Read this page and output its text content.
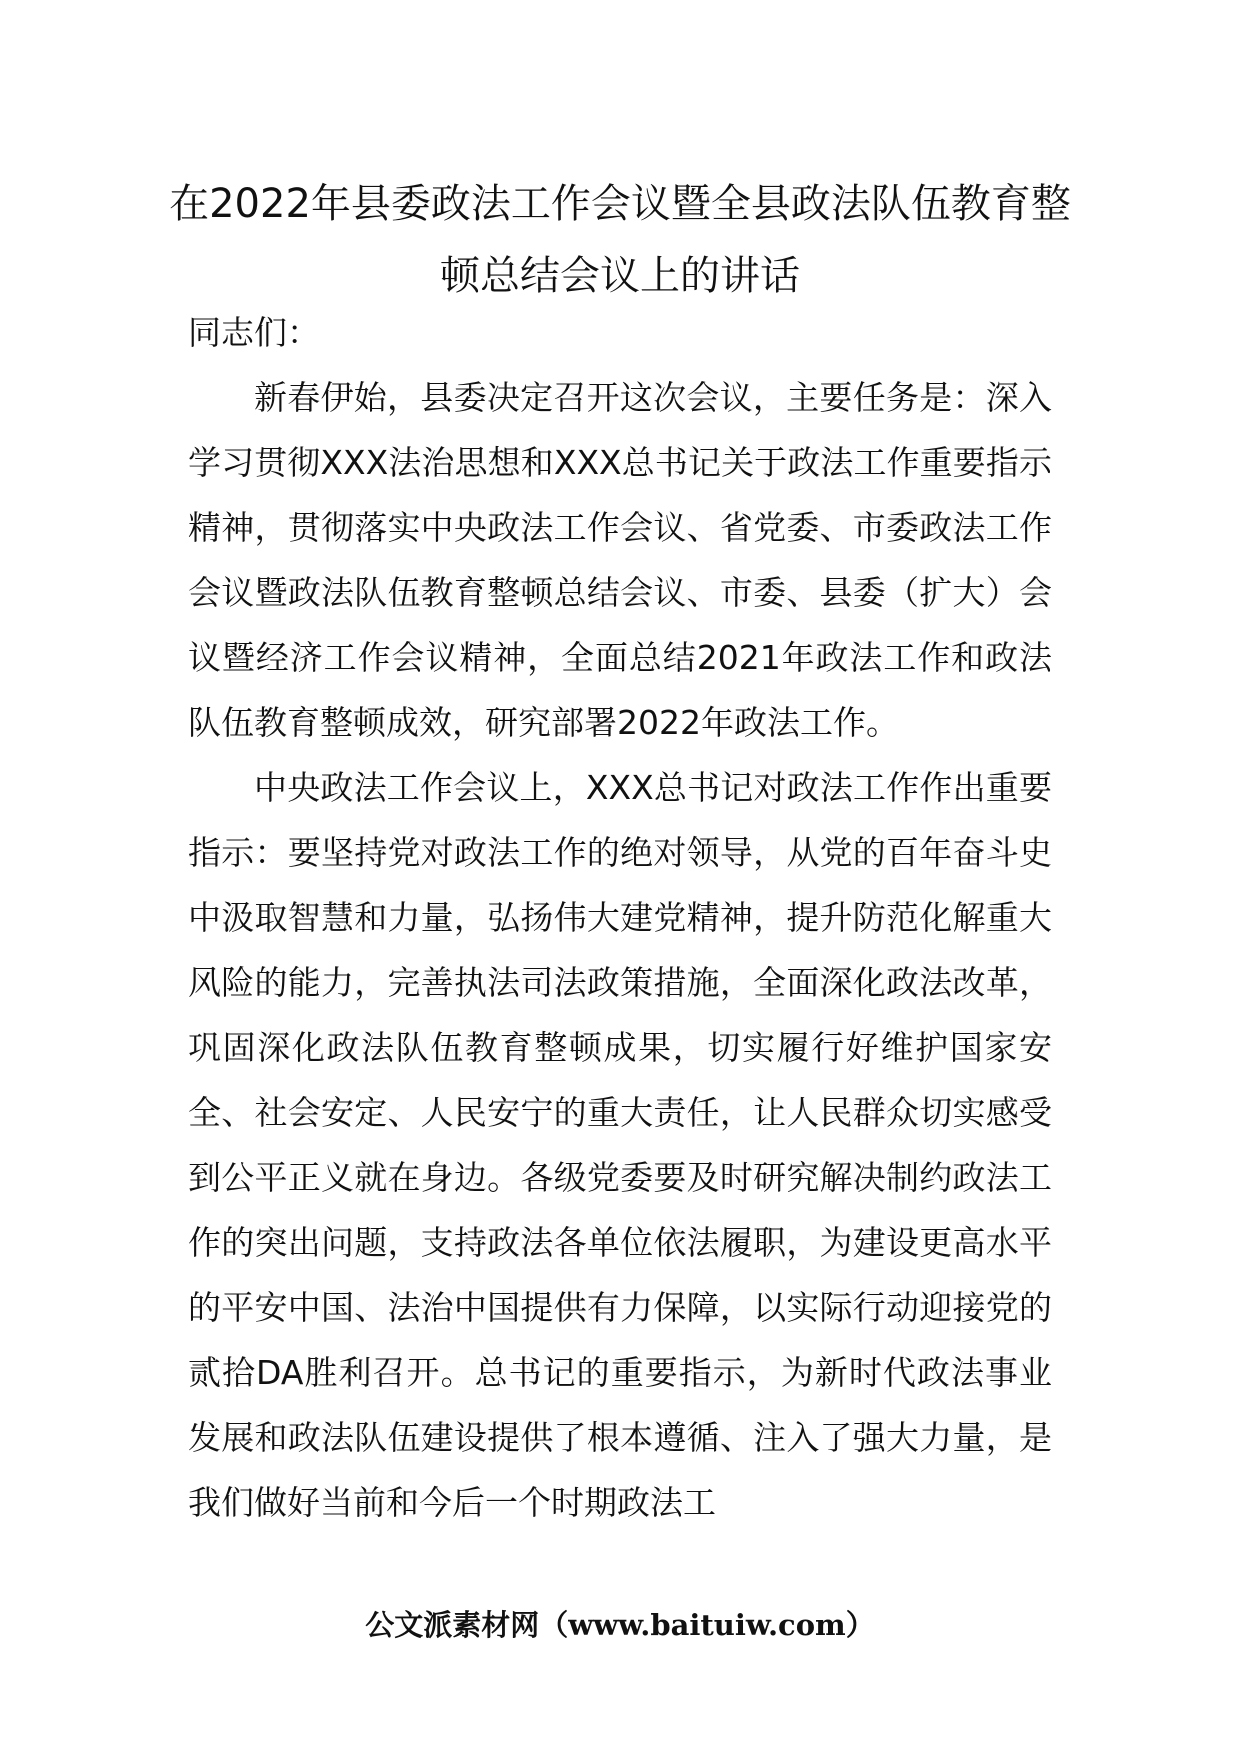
在2022年县委政法工作会议暨全县政法队伍教育整顿总结会议上的讲话

同志们：

新春伊始，县委决定召开这次会议，主要任务是：深入学习贯彻XXX法治思想和XXX总书记关于政法工作重要指示精神，贯彻落实中央政法工作会议、省党委、市委政法工作会议暨政法队伍教育整顿总结会议、市委、县委（扩大）会议暨经济工作会议精神，全面总结2021年政法工作和政法队伍教育整顿成效，研究部署2022年政法工作。

中央政法工作会议上，XXX总书记对政法工作作出重要指示：要坚持党对政法工作的绝对领导，从党的百年奋斗史中汲取智慧和力量，弘扬伟大建党精神，提升防范化解重大风险的能力，完善执法司法政策措施，全面深化政法改革，巩固深化政法队伍教育整顿成果，切实履行好维护国家安全、社会安定、人民安宁的重大责任，让人民群众切实感受到公平正义就在身边。各级党委要及时研究解决制约政法工作的突出问题，支持政法各单位依法履职，为建设更高水平的平安中国、法治中国提供有力保障，以实际行动迎接党的贰拾DA胜利召开。总书记的重要指示，为新时代政法事业发展和政法队伍建设提供了根本遵循、注入了强大力量，是我们做好当前和今后一个时期政法工

公文派素材网（www.baituiw.com）
